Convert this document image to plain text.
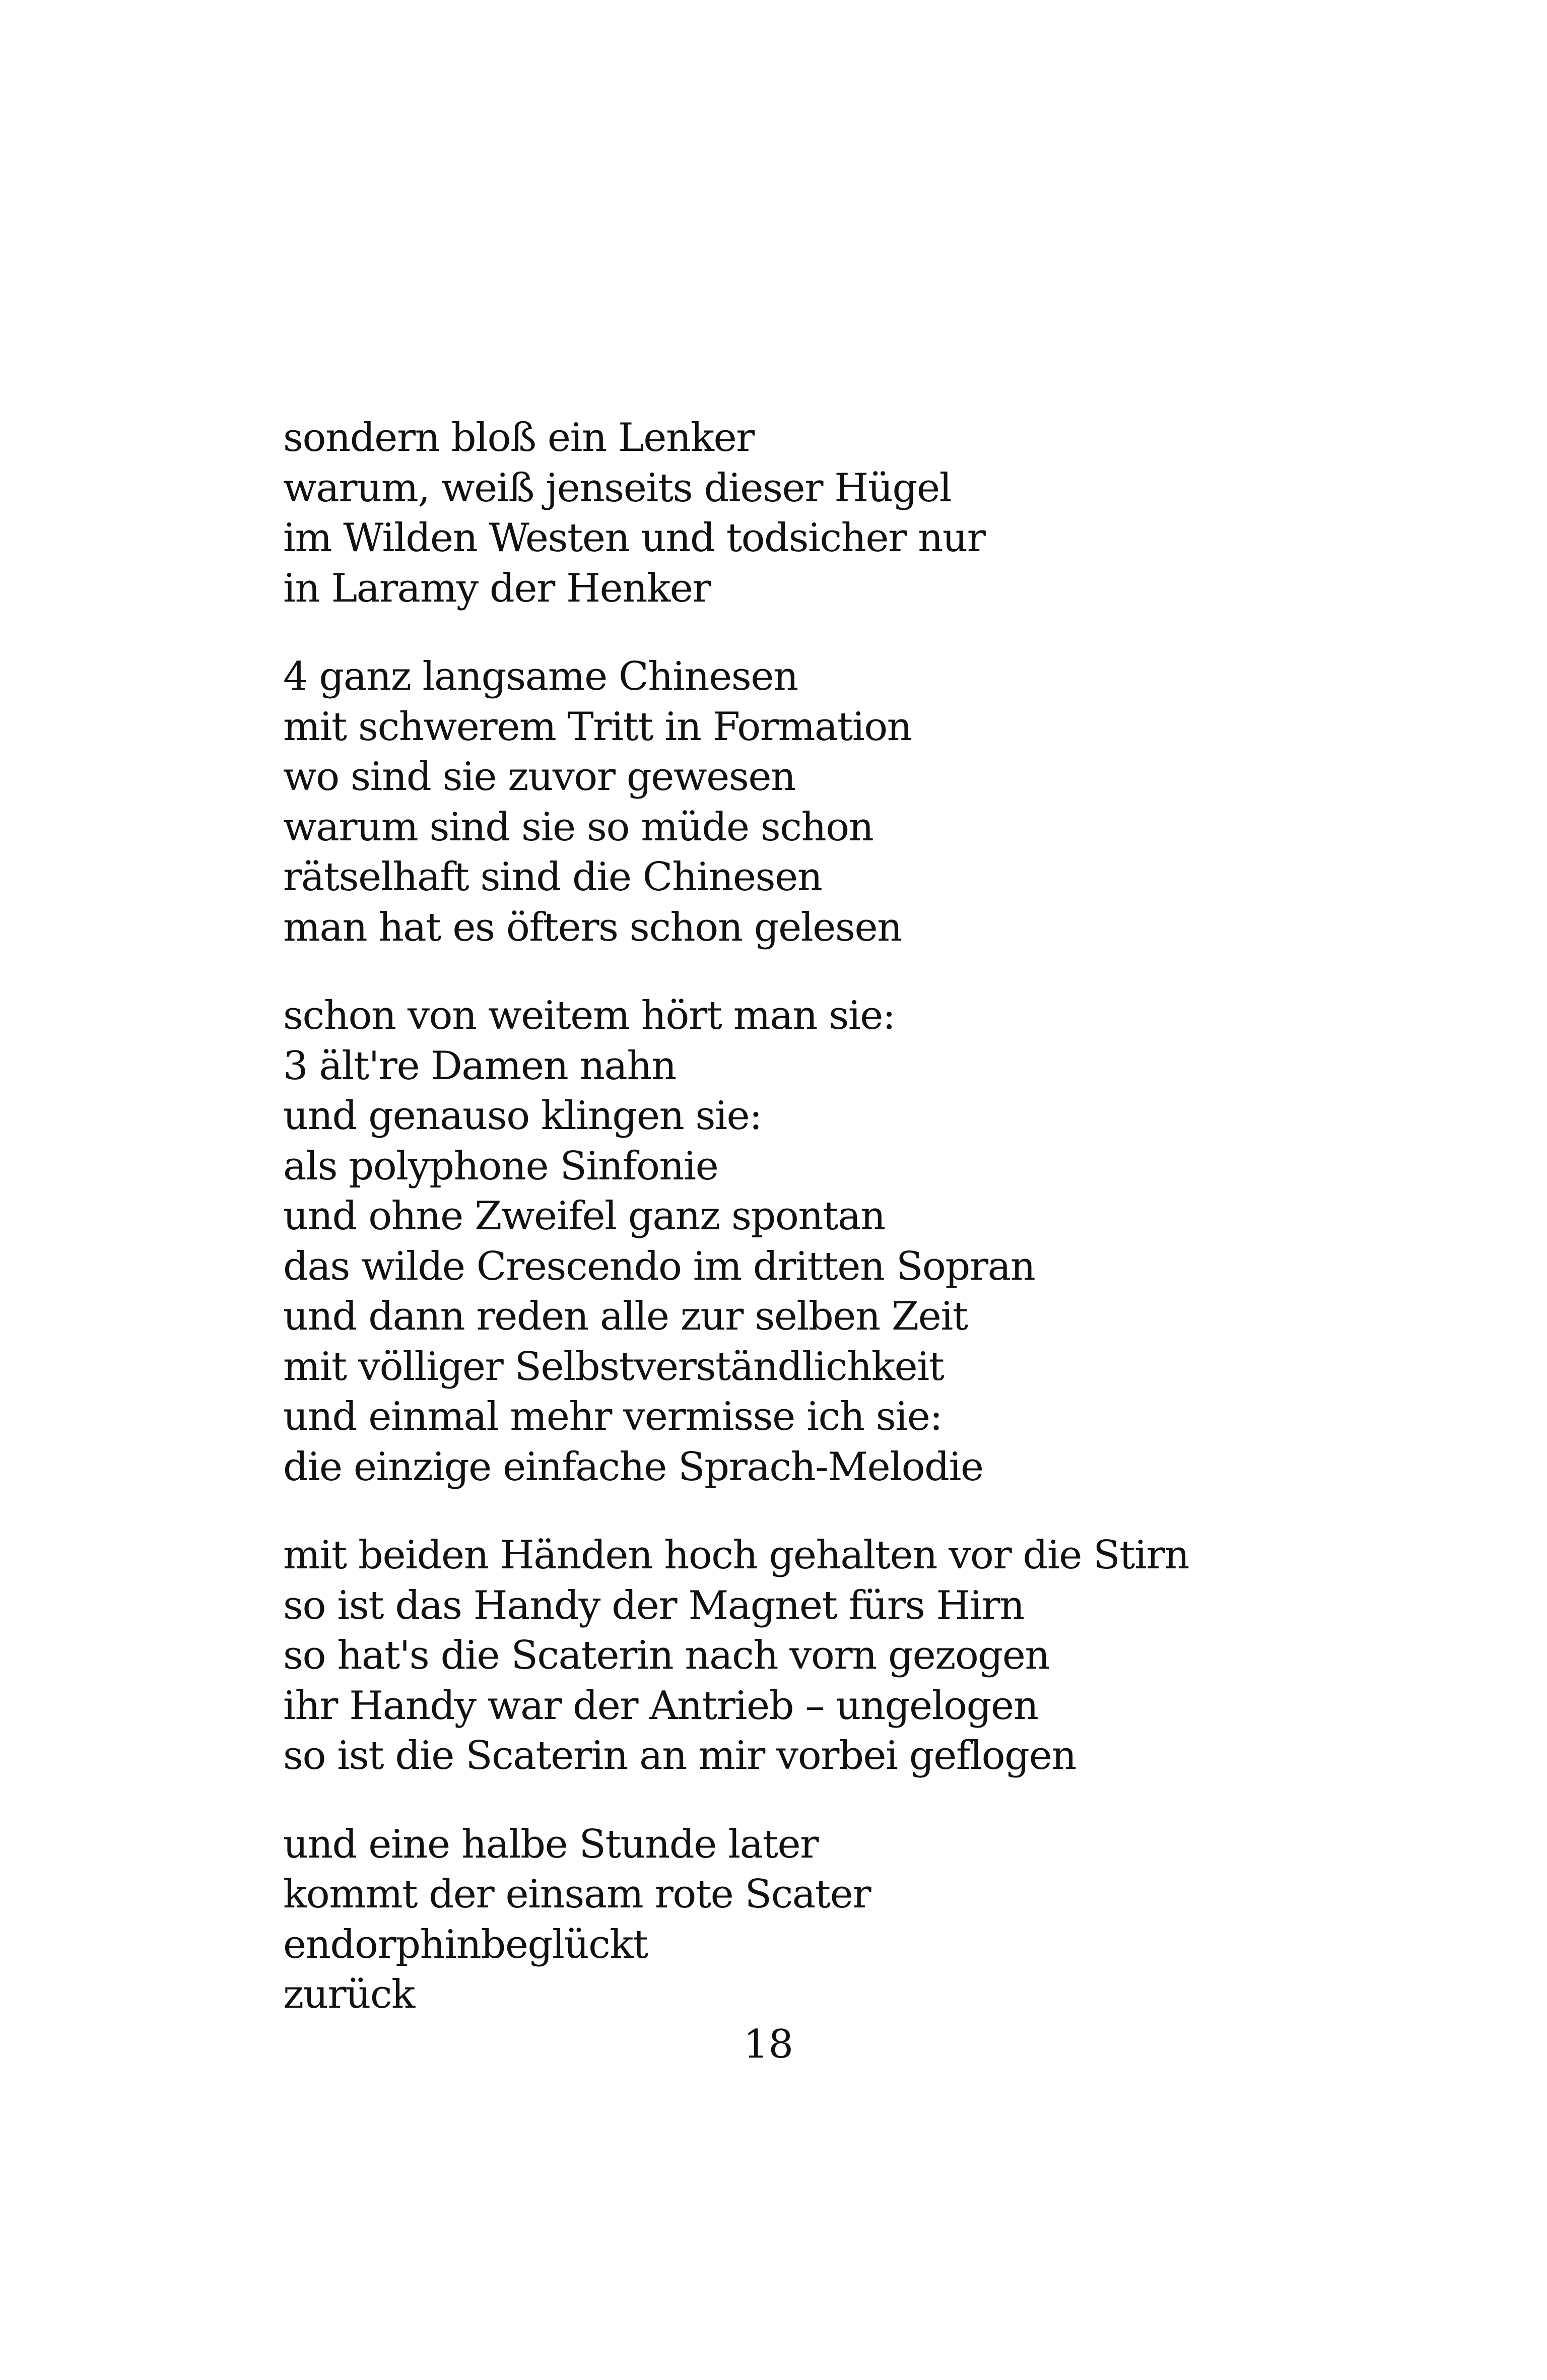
sondern bloß ein Lenker
warum, weiß jenseits dieser Hügel
im Wilden Westen und todsicher nur
in Laramy der Henker
4 ganz langsame Chinesen
mit schwerem Tritt in Formation
wo sind sie zuvor gewesen
warum sind sie so müde schon
rätselhaft sind die Chinesen
man hat es öfters schon gelesen
schon von weitem hört man sie:
3 ält're Damen nahn
und genauso klingen sie:
als polyphone Sinfonie
und ohne Zweifel ganz spontan
das wilde Crescendo im dritten Sopran
und dann reden alle zur selben Zeit
mit völliger Selbstverständlichkeit
und einmal mehr vermisse ich sie:
die einzige einfache Sprach-Melodie
mit beiden Händen hoch gehalten vor die Stirn
so ist das Handy der Magnet fürs Hirn
so hat's die Scaterin nach vorn gezogen
ihr Handy war der Antrieb – ungelogen
so ist die Scaterin an mir vorbei geflogen
und eine halbe Stunde later
kommt der einsam rote Scater
endorphinbeglückt
zurück
18
